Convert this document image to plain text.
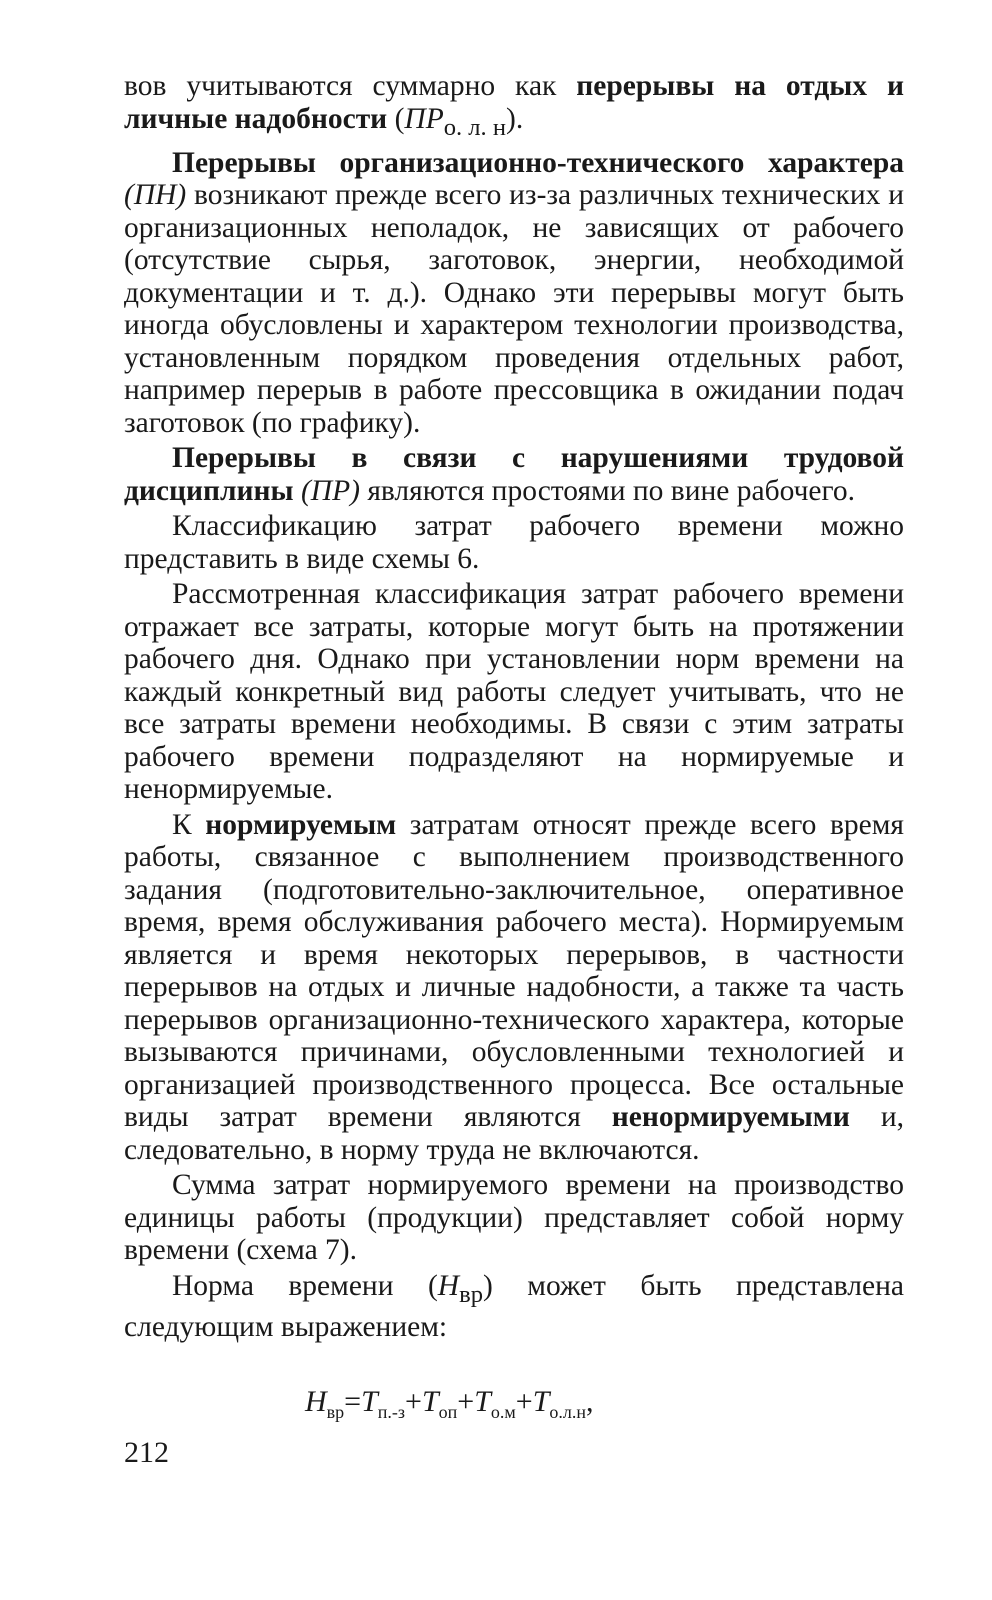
вов учитываются суммарно как перерывы на отдых и личные надобности $(ПР_{о. л. н})$.

Перерывы организационно-технического характера (ПН) возникают прежде всего из-за различных технических и организационных неполадок, не зависящих от рабочего (отсутствие сырья, заготовок, энергии, необходимой документации и т. д.). Однако эти перерывы могут быть иногда обусловлены и характером технологии производства, установленным порядком проведения отдельных работ, например перерыв в работе прессовщика в ожидании подач заготовок (по графику).

Перерывы в связи с нарушениями трудовой дисциплины (ПР) являются простоями по вине рабочего.

Классификацию затрат рабочего времени можно представить в виде схемы 6.

Рассмотренная классификация затрат рабочего времени отражает все затраты, которые могут быть на протяжении рабочего дня. Однако при установлении норм времени на каждый конкретный вид работы следует учитывать, что не все затраты времени необходимы. В связи с этим затраты рабочего времени подразделяют на нормируемые и ненормируемые.

К нормируемым затратам относят прежде всего время работы, связанное с выполнением производственного задания (подготовительно-заключительное, оперативное время, время обслуживания рабочего места). Нормируемым является и время некоторых перерывов, в частности перерывов на отдых и личные надобности, а также та часть перерывов организационно-технического характера, которые вызываются причинами, обусловленными технологией и организацией производственного процесса. Все остальные виды затрат времени являются ненормируемыми и, следовательно, в норму труда не включаются.

Сумма затрат нормируемого времени на производство единицы работы (продукции) представляет собой норму времени (схема 7).

Норма времени $(Н_{вр})$ может быть представлена следующим выражением:

$Н_{вр}=T_{п.-з}+T_{оп}+T_{о.м}+T_{о.л.н}$,
212
